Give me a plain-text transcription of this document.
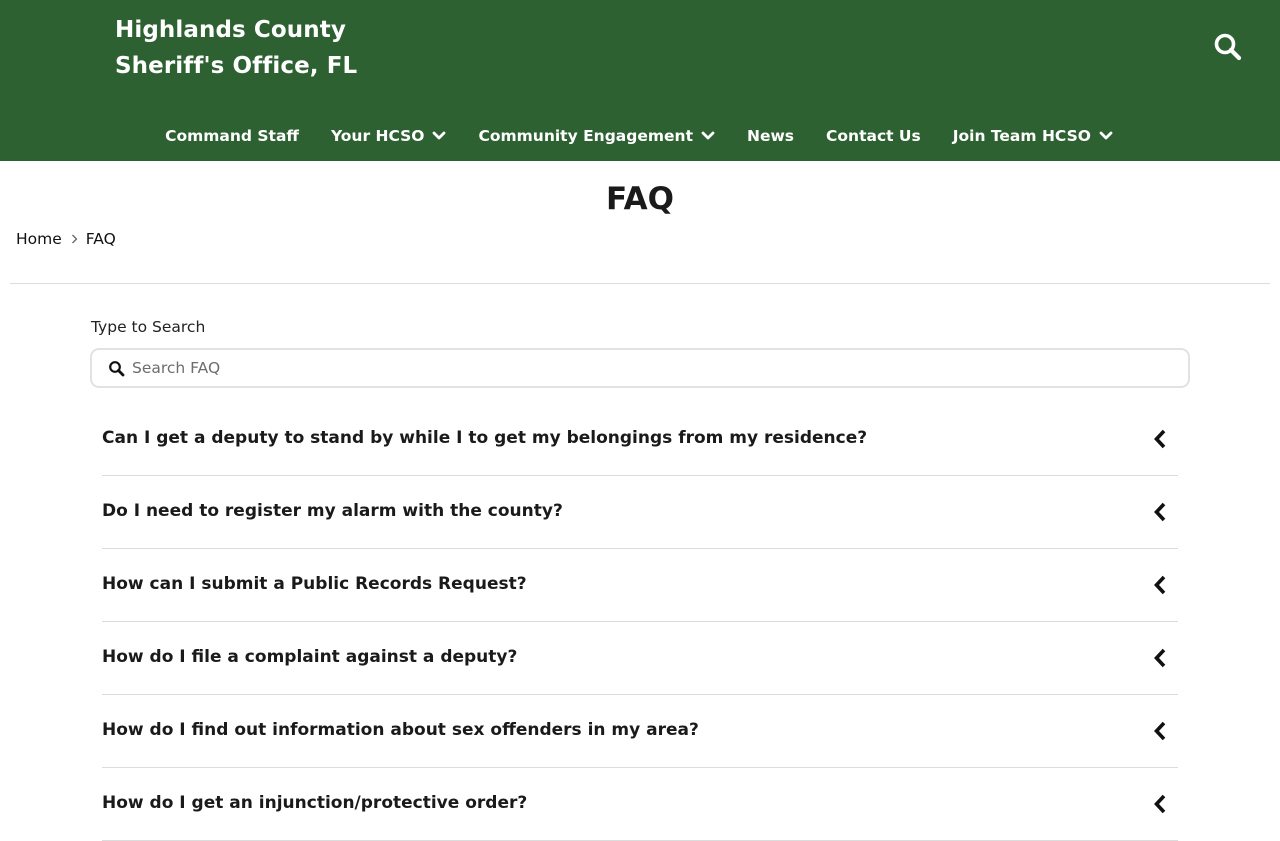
Highlands County Sheriff's Office, FL
Command Staff Your HCSO	Community Engagement	News Contact Us Join Team HCSO
FAQ
Home FAQ
Type to Search
Search FAQ
Can I get a deputy to stand by while I to get my belongings from my residence?
Do I need to register my alarm with the county?
How can I submit a Public Records Request?
How do I file a complaint against a deputy?
How do I find out information about sex offenders in my area?
How do I get an injunction/protective order?
